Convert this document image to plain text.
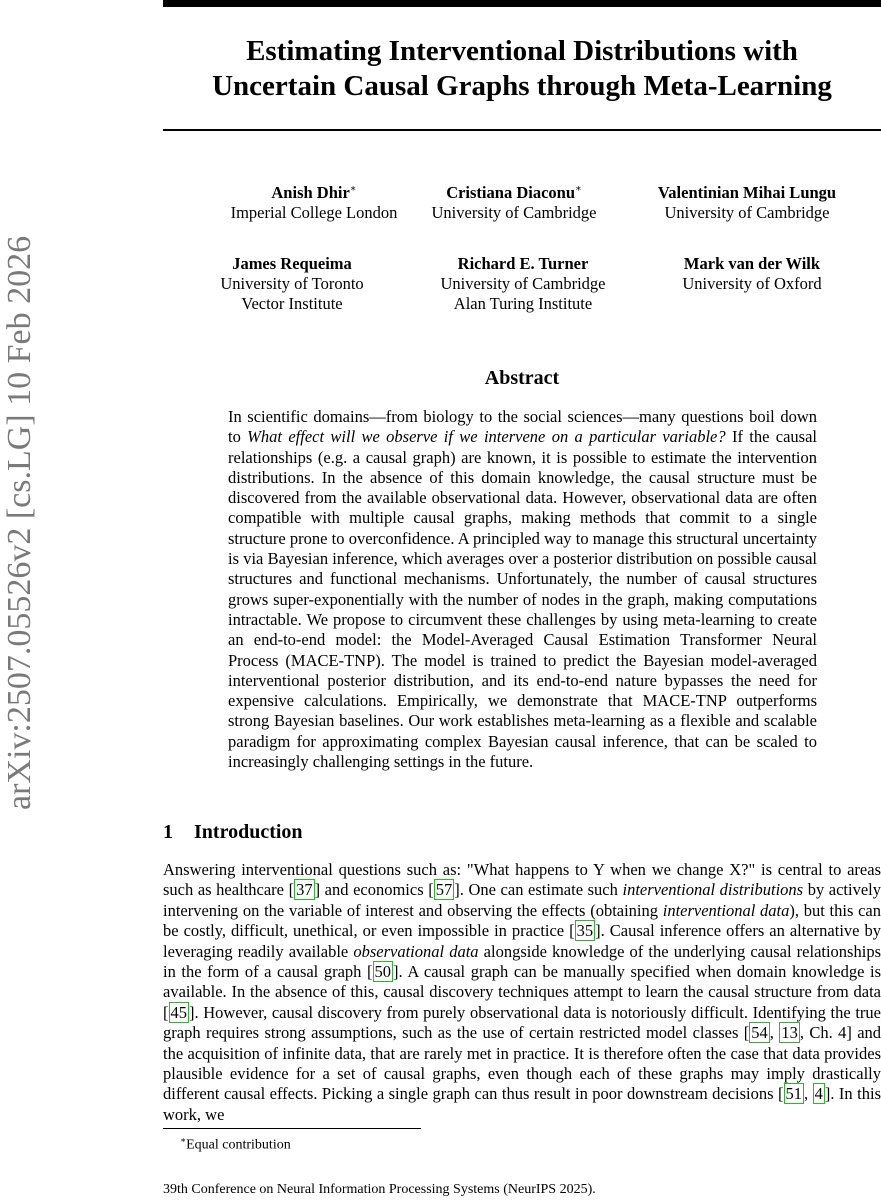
arXiv:2507.05526v2 [cs.LG] 10 Feb 2026
Estimating Interventional Distributions with
Uncertain Causal Graphs through Meta-Learning
Anish Dhir∗
Imperial College London
Cristiana Diaconu∗
University of Cambridge
Valentinian Mihai Lungu
University of Cambridge
James Requeima
University of Toronto
Vector Institute
Richard E. Turner
University of Cambridge
Alan Turing Institute
Mark van der Wilk
University of Oxford
Abstract

In scientific domains—from biology to the social sciences—many questions boil down to What effect will we observe if we intervene on a particular variable? If the causal relationships (e.g. a causal graph) are known, it is possible to estimate the intervention distributions. In the absence of this domain knowledge, the causal structure must be discovered from the available observational data. However, observational data are often compatible with multiple causal graphs, making methods that commit to a single structure prone to overconfidence. A principled way to manage this structural uncertainty is via Bayesian inference, which averages over a posterior distribution on possible causal structures and functional mechanisms. Unfortunately, the number of causal structures grows super-exponentially with the number of nodes in the graph, making computations intractable. We propose to circumvent these challenges by using meta-learning to create an end-to-end model: the Model-Averaged Causal Estimation Transformer Neural Process (MACE-TNP). The model is trained to predict the Bayesian model-averaged interventional posterior distribution, and its end-to-end nature bypasses the need for expensive calculations. Empirically, we demonstrate that MACE-TNP outperforms strong Bayesian baselines. Our work establishes meta-learning as a flexible and scalable paradigm for approximating complex Bayesian causal inference, that can be scaled to increasingly challenging settings in the future.

1 Introduction

Answering interventional questions such as: "What happens to Y when we change X?" is central to areas such as healthcare [ 37 ] and economics [ 57 ]. One can estimate such interventional distributions by actively intervening on the variable of interest and observing the effects (obtaining interventional data), but this can be costly, difficult, unethical, or even impossible in practice [ 35 ]. Causal inference offers an alternative by leveraging readily available observational data alongside knowledge of the underlying causal relationships in the form of a causal graph [ 50 ]. A causal graph can be manually specified when domain knowledge is available. In the absence of this, causal discovery techniques attempt to learn the causal structure from data [ 45 ]. However, causal discovery from purely observational data is notoriously difficult. Identifying the true graph requires strong assumptions, such as the use of certain restricted model classes [ 54 , 13 , Ch. 4] and the acquisition of infinite data, that are rarely met in practice. It is therefore often the case that data provides plausible evidence for a set of causal graphs, even though each of these graphs may imply drastically different causal effects. Picking a single graph can thus result in poor downstream decisions [ 51 , 4 ]. In this work, we

∗Equal contribution
39th Conference on Neural Information Processing Systems (NeurIPS 2025).
